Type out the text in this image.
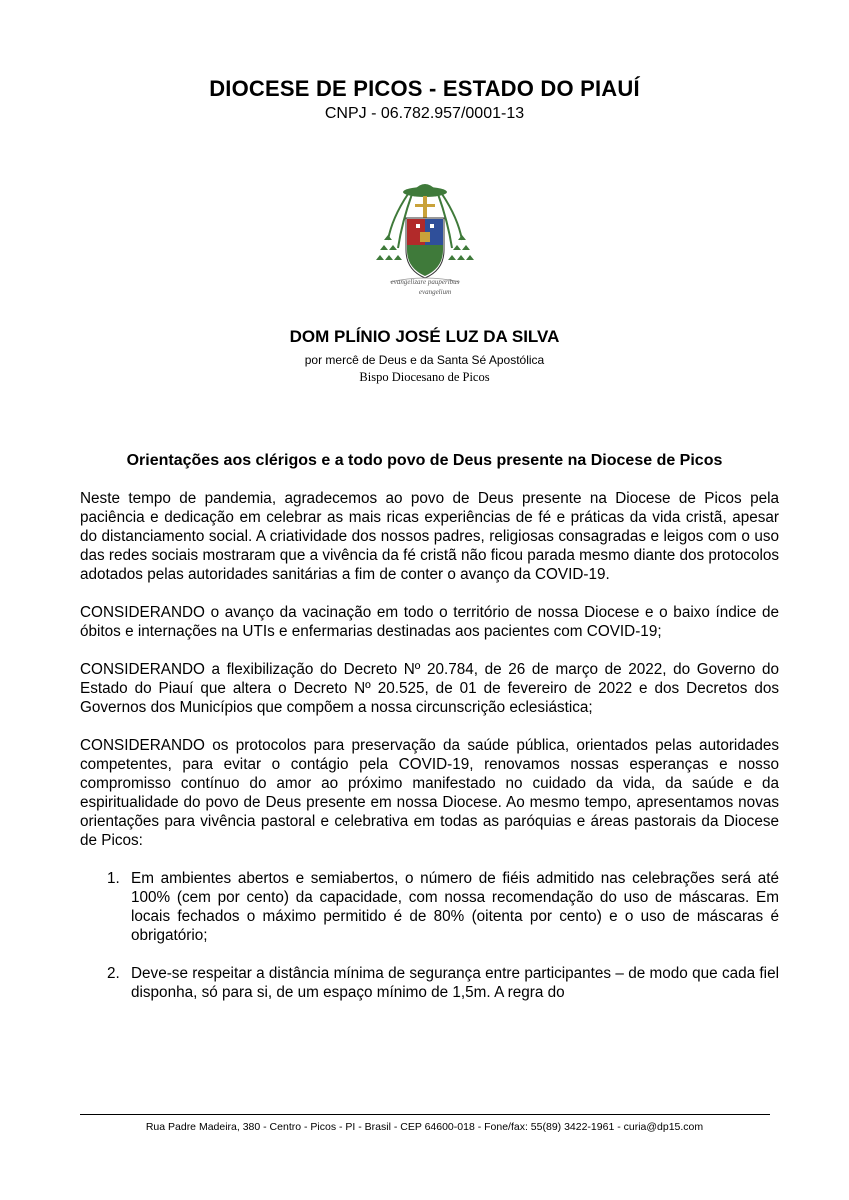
DIOCESE DE PICOS - ESTADO DO PIAUÍ
CNPJ - 06.782.957/0001-13
evangelizare pauperibus
evangelium
DOM PLÍNIO JOSÉ LUZ DA SILVA
por mercê de Deus e da Santa Sé Apostólica
Bispo Diocesano de Picos
Orientações aos clérigos e a todo povo de Deus presente na Diocese de Picos

Neste tempo de pandemia, agradecemos ao povo de Deus presente na Diocese de Picos pela paciência e dedicação em celebrar as mais ricas experiências de fé e práticas da vida cristã, apesar do distanciamento social. A criatividade dos nossos padres, religiosas consagradas e leigos com o uso das redes sociais mostraram que a vivência da fé cristã não ficou parada mesmo diante dos protocolos adotados pelas autoridades sanitárias a fim de conter o avanço da COVID-19.

CONSIDERANDO o avanço da vacinação em todo o território de nossa Diocese e o baixo índice de óbitos e internações na UTIs e enfermarias destinadas aos pacientes com COVID-19;

CONSIDERANDO a flexibilização do Decreto Nº 20.784, de 26 de março de 2022, do Governo do Estado do Piauí que altera o Decreto Nº 20.525, de 01 de fevereiro de 2022 e dos Decretos dos Governos dos Municípios que compõem a nossa circunscrição eclesiástica;

CONSIDERANDO os protocolos para preservação da saúde pública, orientados pelas autoridades competentes, para evitar o contágio pela COVID-19, renovamos nossas esperanças e nosso compromisso contínuo do amor ao próximo manifestado no cuidado da vida, da saúde e da espiritualidade do povo de Deus presente em nossa Diocese. Ao mesmo tempo, apresentamos novas orientações para vivência pastoral e celebrativa em todas as paróquias e áreas pastorais da Diocese de Picos:

1. Em ambientes abertos e semiabertos, o número de fiéis admitido nas celebrações será até 100% (cem por cento) da capacidade, com nossa recomendação do uso de máscaras. Em locais fechados o máximo permitido é de 80% (oitenta por cento) e o uso de máscaras é obrigatório;
2. Deve-se respeitar a distância mínima de segurança entre participantes – de modo que cada fiel disponha, só para si, de um espaço mínimo de 1,5m. A regra do
Rua Padre Madeira, 380 - Centro - Picos - PI - Brasil - CEP 64600-018 - Fone/fax: 55(89) 3422-1961 - curia@dp15.com
